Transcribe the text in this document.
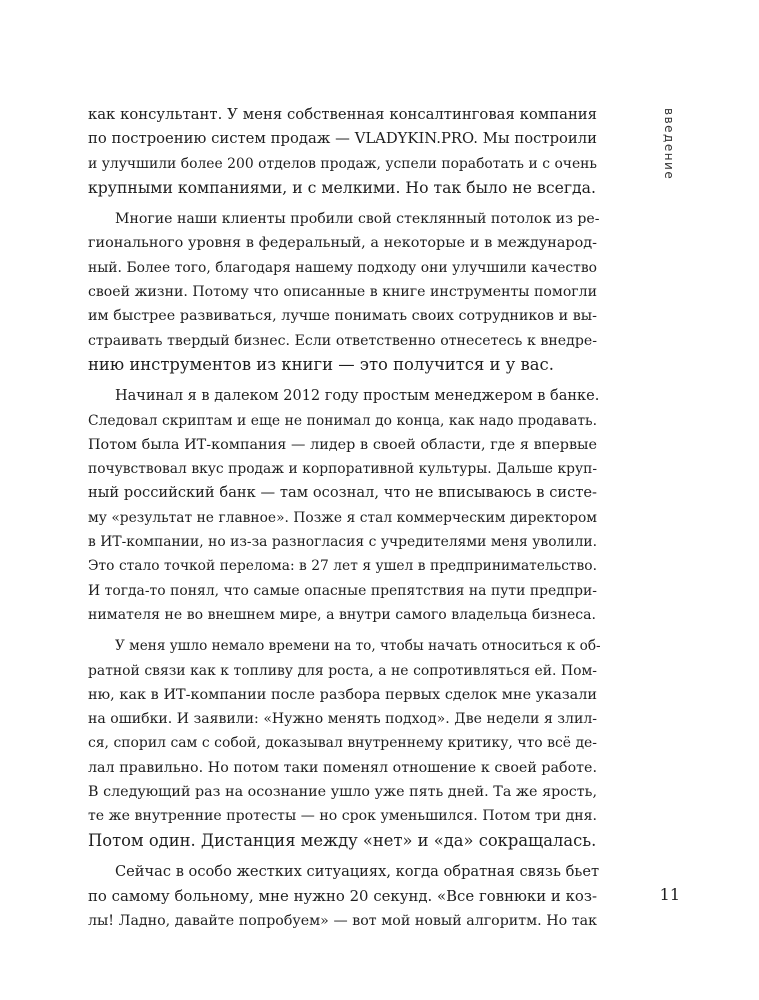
введение
как консультант. У меня собственная консалтинговая компания
по построению систем продаж — VLADYKIN.PRO. Мы построили
и улучшили более 200 отделов продаж, успели поработать и с очень
крупными компаниями, и с мелкими. Но так было не всегда.
Многие наши клиенты пробили свой стеклянный потолок из ре-
гионального уровня в федеральный, а некоторые и в международ-
ный. Более того, благодаря нашему подходу они улучшили качество
своей жизни. Потому что описанные в книге инструменты помогли
им быстрее развиваться, лучше понимать своих сотрудников и вы-
страивать твердый бизнес. Если ответственно отнесетесь к внедре-
нию инструментов из книги — это получится и у вас.
Начинал я в далеком 2012 году простым менеджером в банке.
Следовал скриптам и еще не понимал до конца, как надо продавать.
Потом была ИТ-компания — лидер в своей области, где я впервые
почувствовал вкус продаж и корпоративной культуры. Дальше круп-
ный российский банк — там осознал, что не вписываюсь в систе-
му «результат не главное». Позже я стал коммерческим директором
в ИТ-компании, но из-за разногласия с учредителями меня уволили.
Это стало точкой перелома: в 27 лет я ушел в предпринимательство.
И тогда-то понял, что самые опасные препятствия на пути предпри-
нимателя не во внешнем мире, а внутри самого владельца бизнеса.
У меня ушло немало времени на то, чтобы начать относиться к об-
ратной связи как к топливу для роста, а не сопротивляться ей. Пом-
ню, как в ИТ-компании после разбора первых сделок мне указали
на ошибки. И заявили: «Нужно менять подход». Две недели я злил-
ся, спорил сам с собой, доказывал внутреннему критику, что всё де-
лал правильно. Но потом таки поменял отношение к своей работе.
В следующий раз на осознание ушло уже пять дней. Та же ярость,
те же внутренние протесты — но срок уменьшился. Потом три дня.
Потом один. Дистанция между «нет» и «да» сокращалась.
Сейчас в особо жестких ситуациях, когда обратная связь бьет
по самому больному, мне нужно 20 секунд. «Все говнюки и коз-
лы! Ладно, давайте попробуем» — вот мой новый алгоритм. Но так
11
